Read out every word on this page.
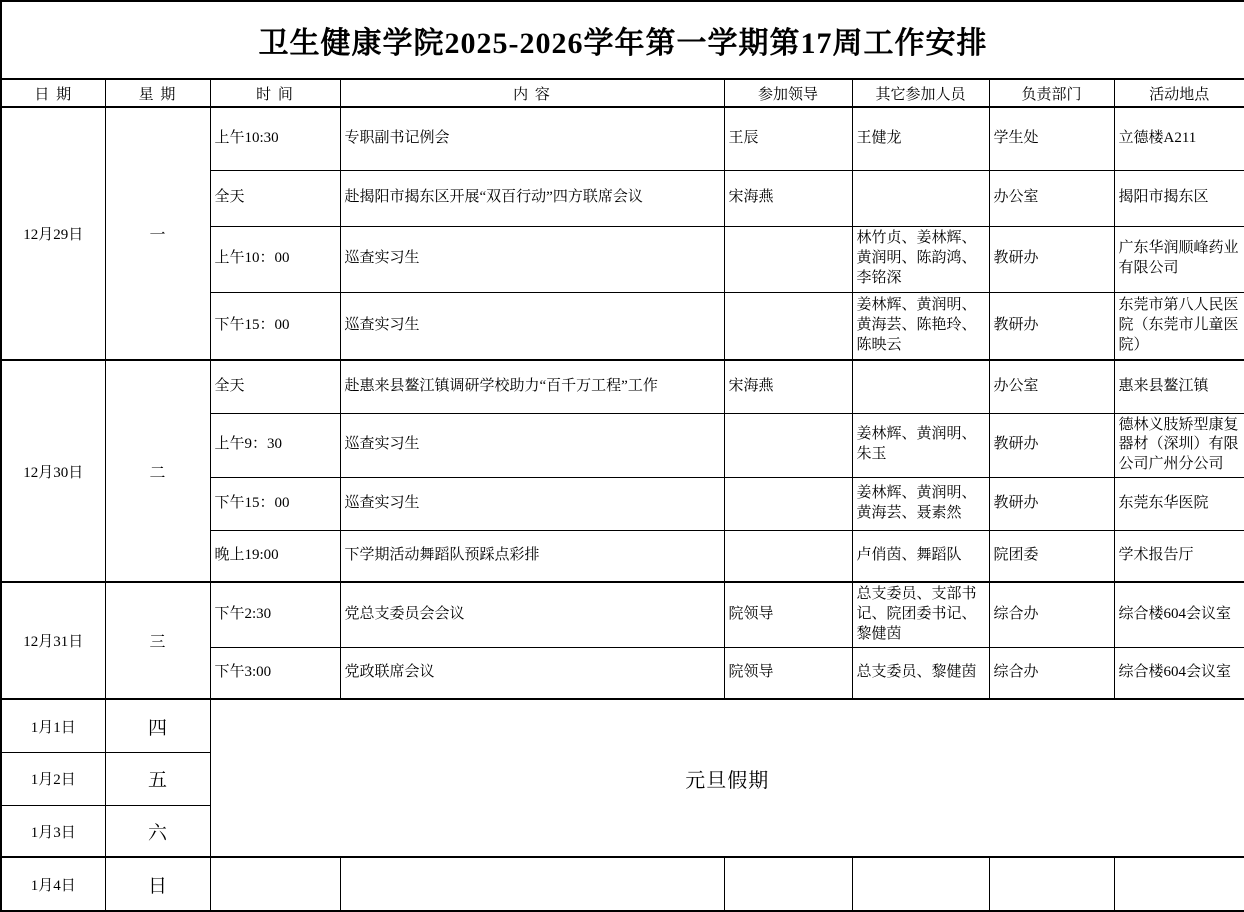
卫生健康学院2025-2026学年第一学期第17周工作安排							
日期	星期	时间	内容	参加领导	其它参加人员	负责部门	活动地点
12月29日	一	上午10:30	专职副书记例会	王辰	王健龙	学生处	立德楼A211
		全天	赴揭阳市揭东区开展“双百行动”四方联席会议	宋海燕		办公室	揭阳市揭东区
		上午10：00	巡查实习生		林竹贞、姜林辉、黄润明、陈韵鸿、李铭深	教研办	广东华润顺峰药业有限公司
		下午15：00	巡查实习生		姜林辉、黄润明、黄海芸、陈艳玲、陈映云	教研办	东莞市第八人民医院（东莞市儿童医院）
12月30日	二	全天	赴惠来县鳌江镇调研学校助力“百千万工程”工作	宋海燕		办公室	惠来县鳌江镇
		上午9：30	巡查实习生		姜林辉、黄润明、朱玉	教研办	德林义肢矫型康复器材（深圳）有限公司广州分公司
		下午15：00	巡查实习生		姜林辉、黄润明、黄海芸、聂素然	教研办	东莞东华医院
		晚上19:00	下学期活动舞蹈队预踩点彩排		卢俏茵、舞蹈队	院团委	学术报告厅
12月31日	三	下午2:30	党总支委员会会议	院领导	总支委员、支部书记、院团委书记、黎健茵	综合办	综合楼604会议室
		下午3:00	党政联席会议	院领导	总支委员、黎健茵	综合办	综合楼604会议室
1月1日	四	元旦假期					
1月2日	五						
1月3日	六						
1月4日	日						
